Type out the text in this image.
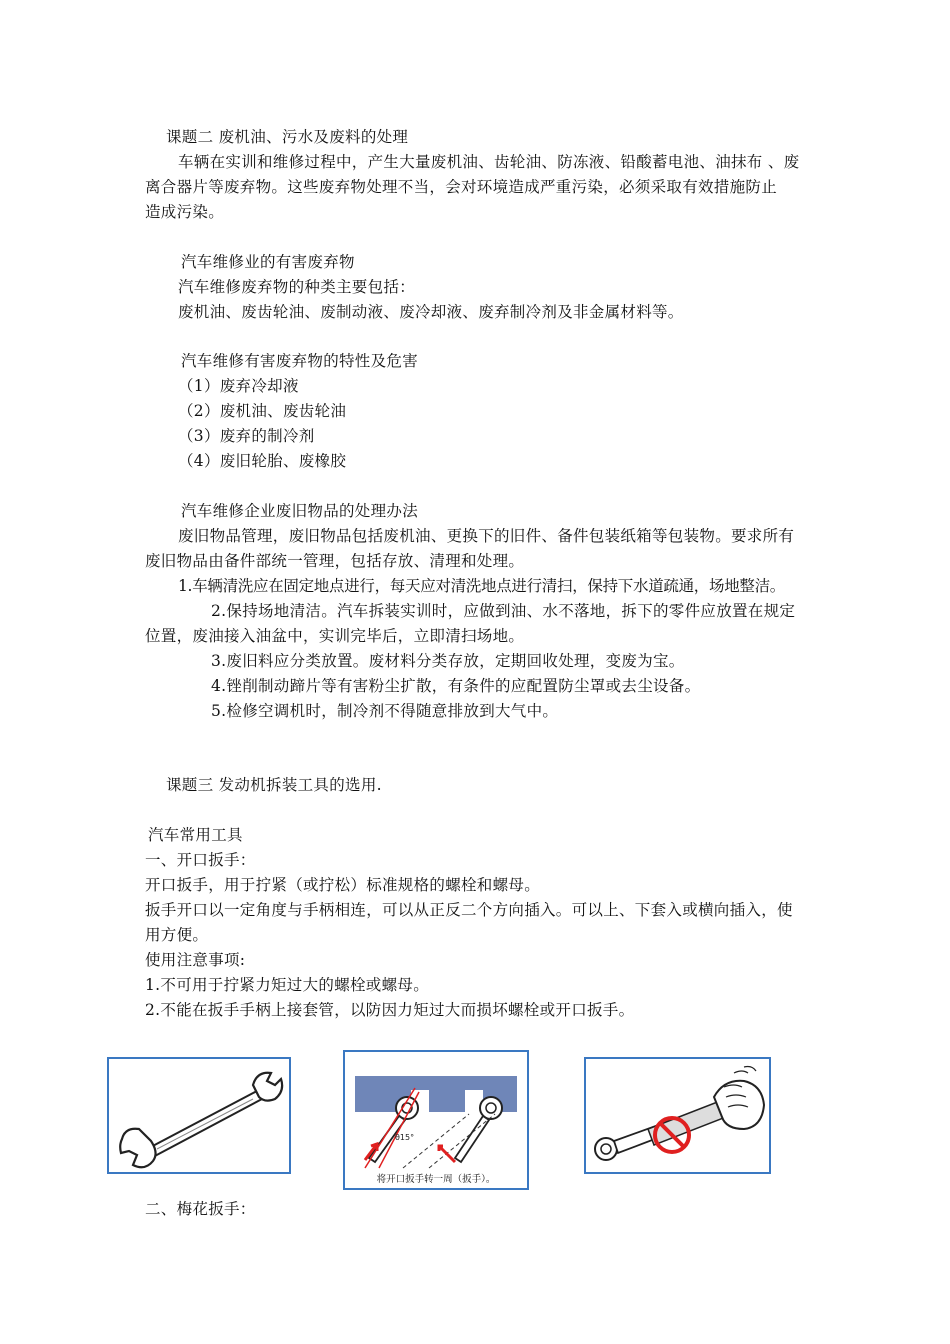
课题二 废机油、污水及废料的处理
车辆在实训和维修过程中，产生大量废机油、齿轮油、防冻液、铅酸蓄电池、油抹布 、废
离合器片等废弃物。这些废弃物处理不当，会对环境造成严重污染，必须采取有效措施防止
造成污染。
汽车维修业的有害废弃物
汽车维修废弃物的种类主要包括：
废机油、废齿轮油、废制动液、废冷却液、废弃制冷剂及非金属材料等。
汽车维修有害废弃物的特性及危害
（1）废弃冷却液
（2）废机油、废齿轮油
（3）废弃的制冷剂
（4）废旧轮胎、废橡胶
汽车维修企业废旧物品的处理办法
废旧物品管理，废旧物品包括废机油、更换下的旧件、备件包装纸箱等包装物。要求所有
废旧物品由备件部统一管理，包括存放、清理和处理。
1.车辆清洗应在固定地点进行，每天应对清洗地点进行清扫，保持下水道疏通，场地整洁。
2.保持场地清洁。汽车拆装实训时，应做到油、水不落地，拆下的零件应放置在规定
位置，废油接入油盆中，实训完毕后，立即清扫场地。
3.废旧料应分类放置。废材料分类存放，定期回收处理，变废为宝。
4.锉削制动蹄片等有害粉尘扩散，有条件的应配置防尘罩或去尘设备。
5.检修空调机时，制冷剂不得随意排放到大气中。
课题三 发动机拆装工具的选用.
汽车常用工具
一、开口扳手：
开口扳手，用于拧紧（或拧松）标准规格的螺栓和螺母。
扳手开口以一定角度与手柄相连，可以从正反二个方向插入。可以上、下套入或横向插入，使
用方便。
使用注意事项:
1.不可用于拧紧力矩过大的螺栓或螺母。
2.不能在扳手手柄上接套管，以防因力矩过大而损坏螺栓或开口扳手。
θ15°
将开口扳手转一周（扳手）。
二、梅花扳手：
